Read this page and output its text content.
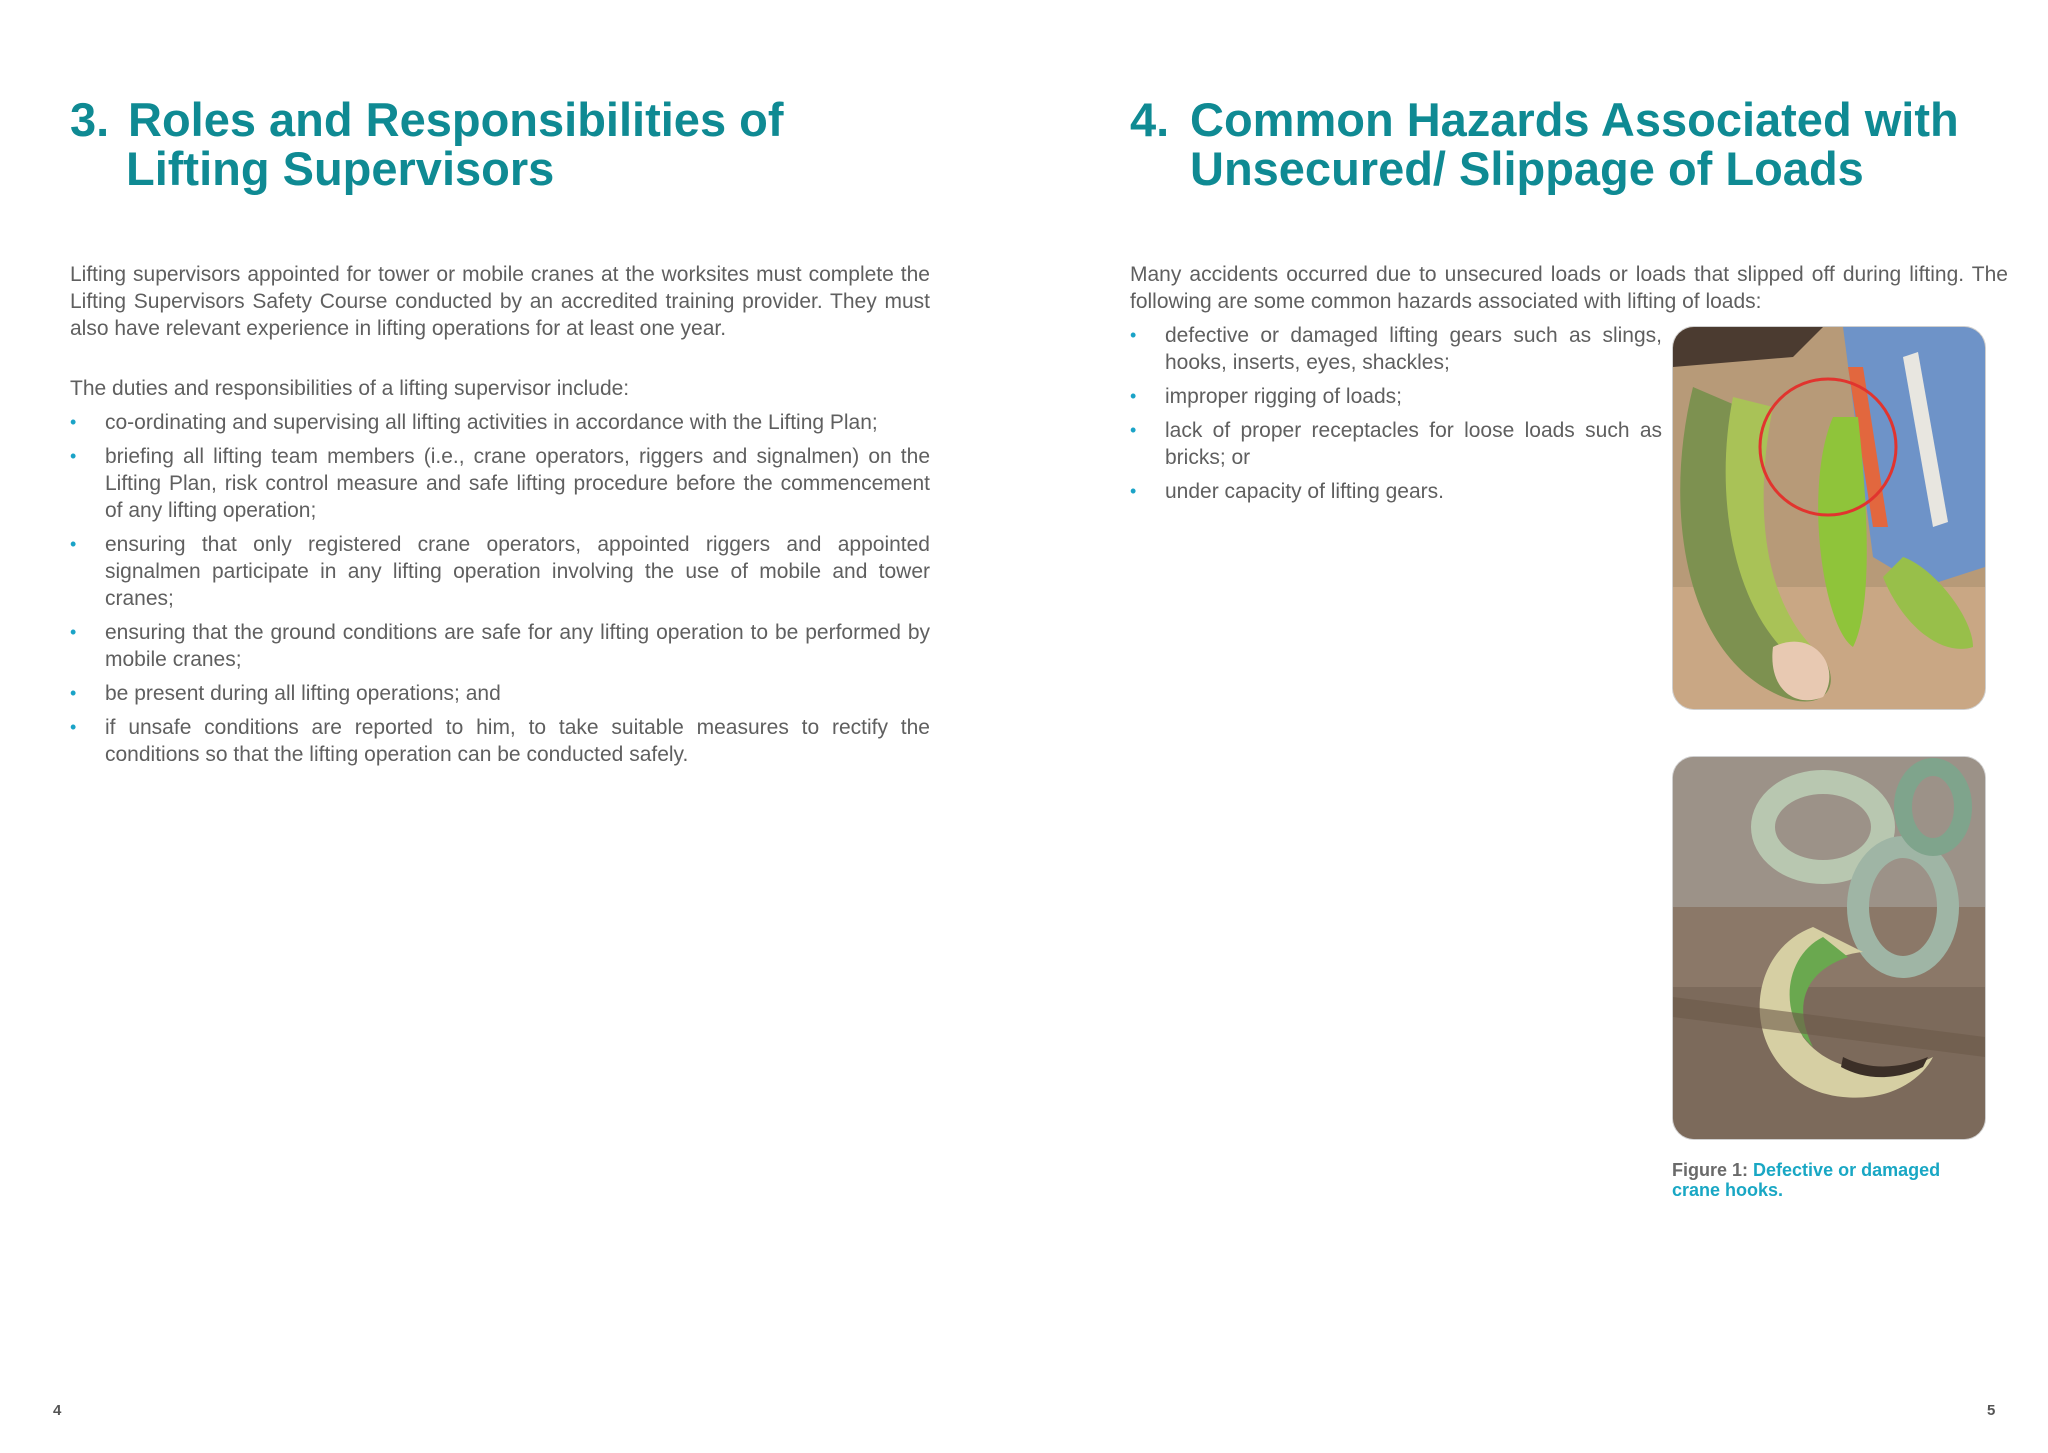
3. Roles and Responsibilities of
Lifting Supervisors

Lifting supervisors appointed for tower or mobile cranes at the worksites must complete the Lifting Supervisors Safety Course conducted by an accredited training provider. They must also have relevant experience in lifting operations for at least one year.

The duties and responsibilities of a lifting supervisor include:

• co-ordinating and supervising all lifting activities in accordance with the Lifting Plan;
• briefing all lifting team members (i.e., crane operators, riggers and signalmen) on the Lifting Plan, risk control measure and safe lifting procedure before the commencement of any lifting operation;
• ensuring that only registered crane operators, appointed riggers and appointed signalmen participate in any lifting operation involving the use of mobile and tower cranes;
• ensuring that the ground conditions are safe for any lifting operation to be performed by mobile cranes;
• be present during all lifting operations; and
• if unsafe conditions are reported to him, to take suitable measures to rectify the conditions so that the lifting operation can be conducted safely.
4
4. Common Hazards Associated with
Unsecured/ Slippage of Loads

Many accidents occurred due to unsecured loads or loads that slipped off during lifting. The following are some common hazards associated with lifting of loads:

• defective or damaged lifting gears such as slings, hooks, inserts, eyes, shackles;
• improper rigging of loads;
• lack of proper receptacles for loose loads such as bricks; or
• under capacity of lifting gears.

Figure 1: Defective or damaged crane hooks.

5
